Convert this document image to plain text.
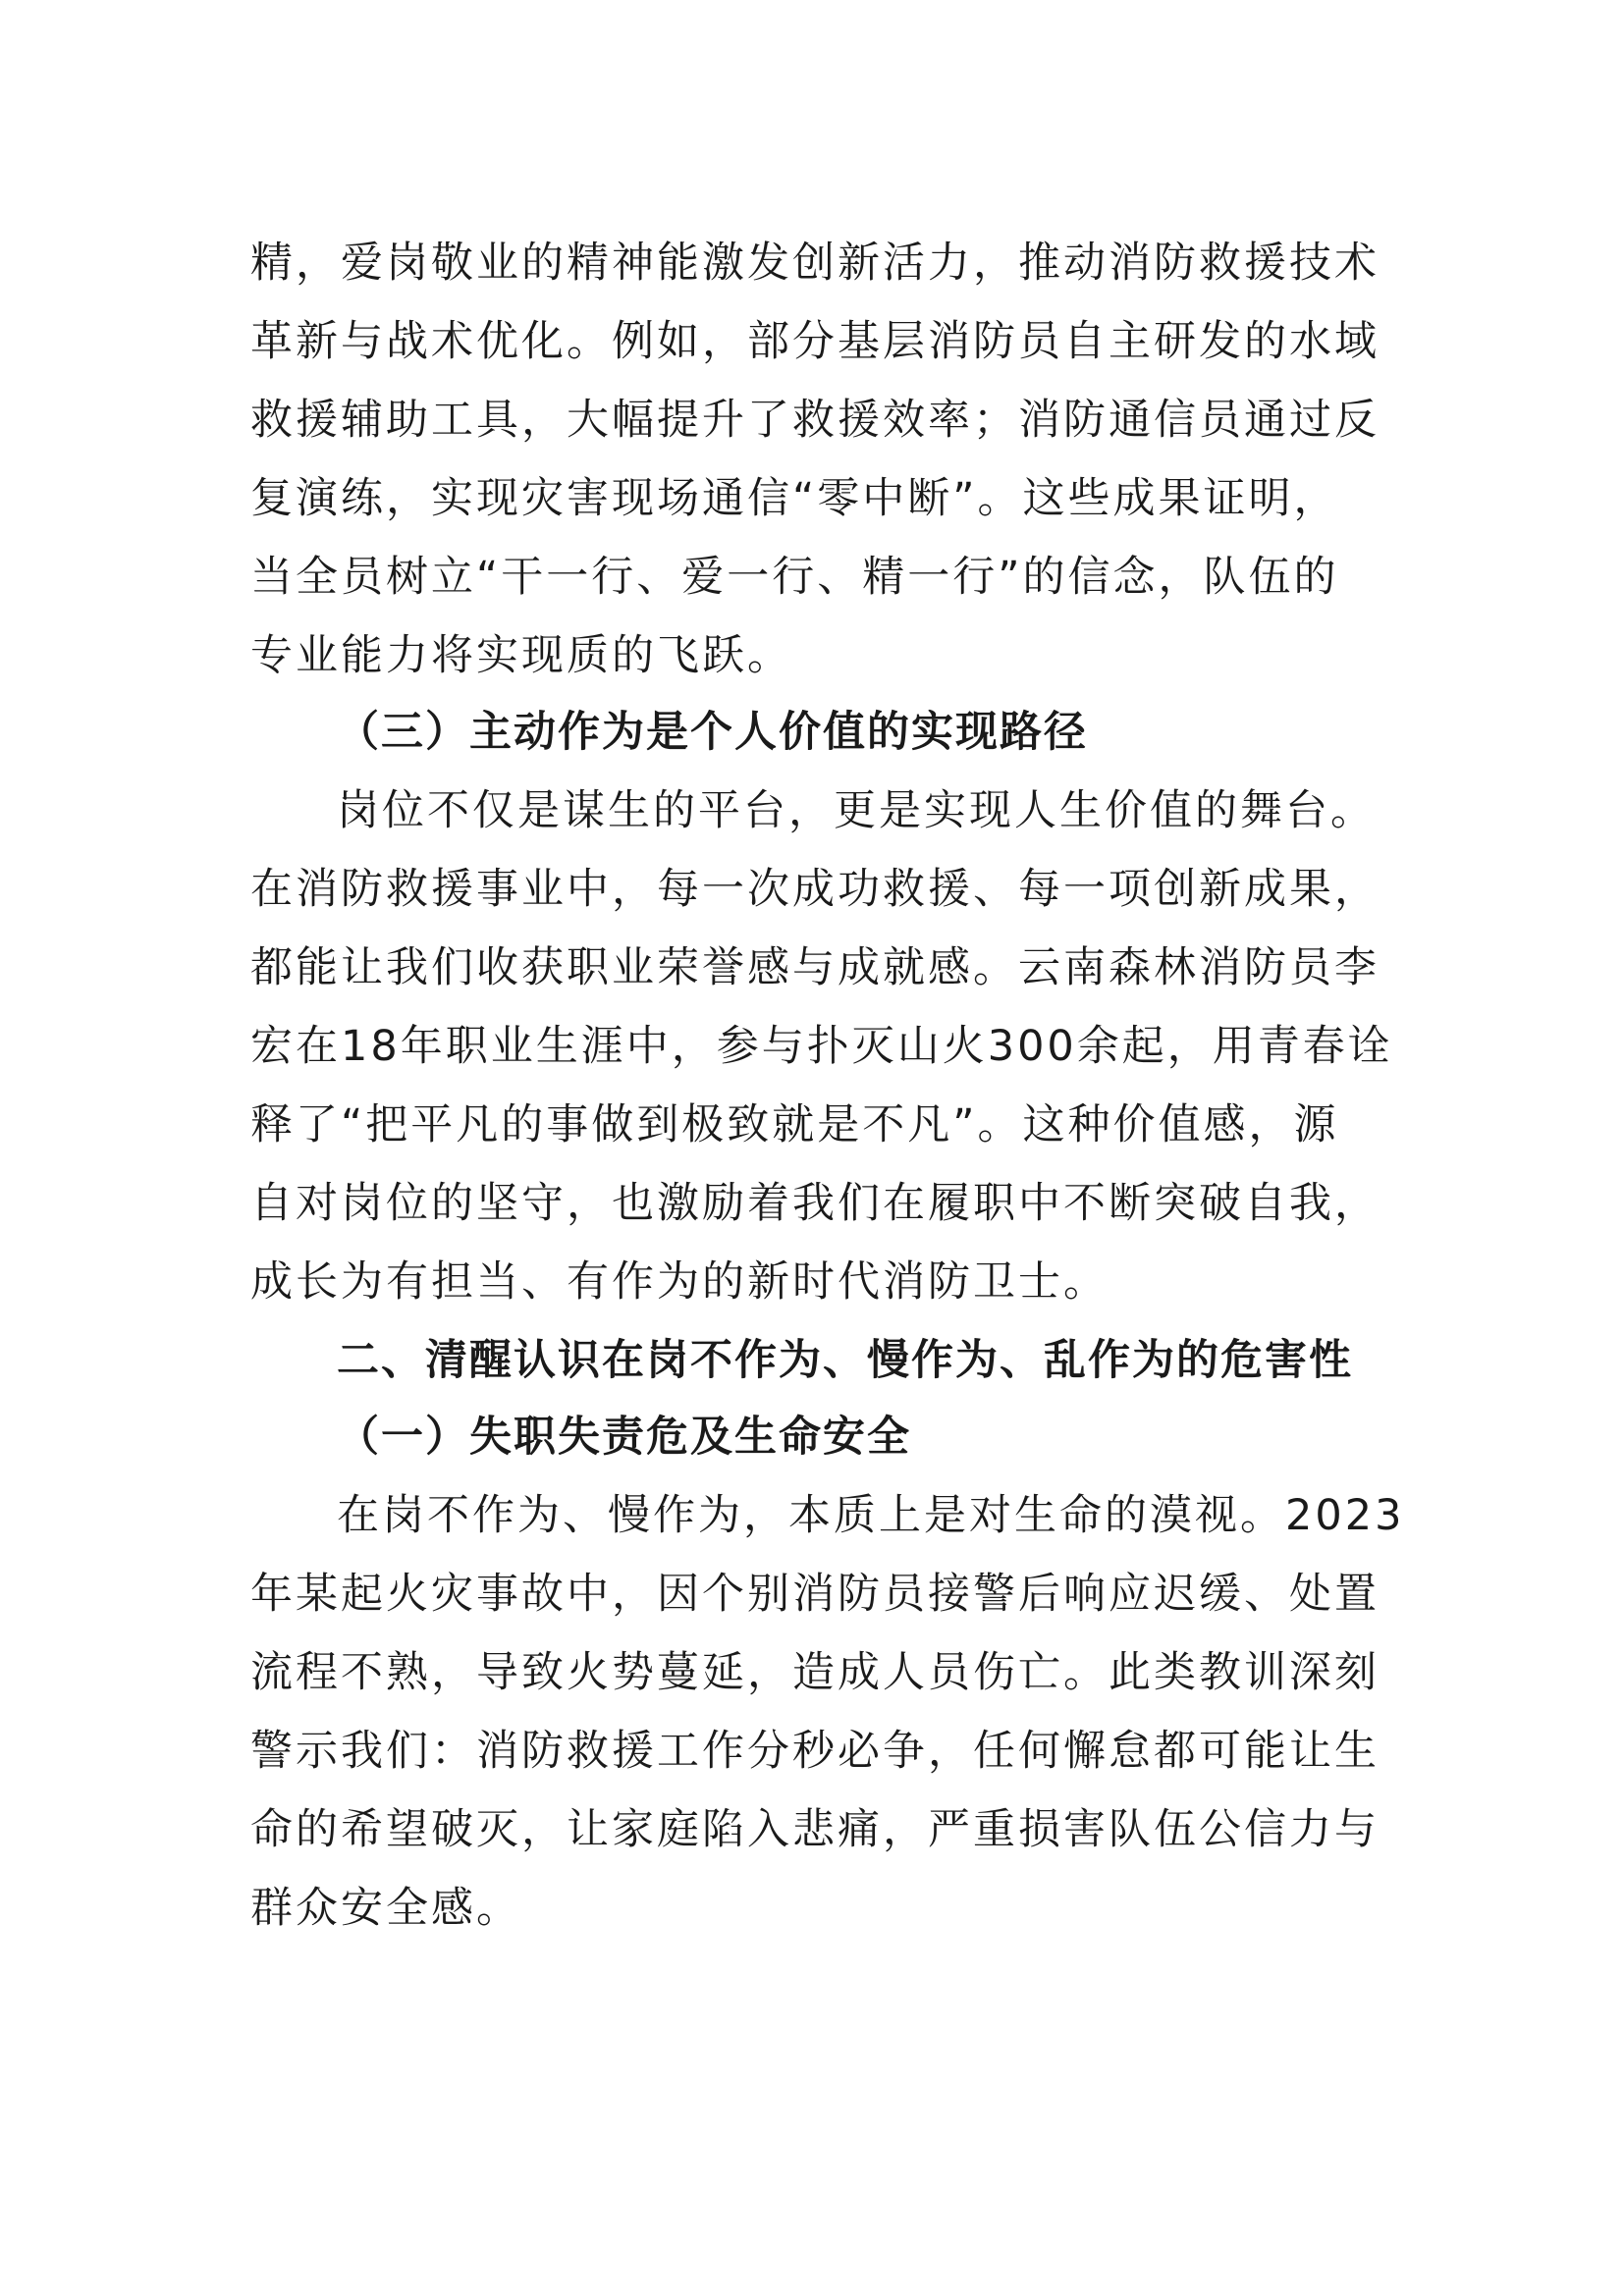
精，爱岗敬业的精神能激发创新活力，推动消防救援技术
革新与战术优化。例如，部分基层消防员自主研发的水域
救援辅助工具，大幅提升了救援效率；消防通信员通过反
复演练，实现灾害现场通信“零中断”。这些成果证明，
当全员树立“干一行、爱一行、精一行”的信念，队伍的
专业能力将实现质的飞跃。
（三）主动作为是个人价值的实现路径
岗位不仅是谋生的平台，更是实现人生价值的舞台。
在消防救援事业中，每一次成功救援、每一项创新成果，
都能让我们收获职业荣誉感与成就感。云南森林消防员李
宏在18年职业生涯中，参与扑灭山火300余起，用青春诠
释了“把平凡的事做到极致就是不凡”。这种价值感，源
自对岗位的坚守，也激励着我们在履职中不断突破自我，
成长为有担当、有作为的新时代消防卫士。
二、清醒认识在岗不作为、慢作为、乱作为的危害性
（一）失职失责危及生命安全
在岗不作为、慢作为，本质上是对生命的漠视。2023
年某起火灾事故中，因个别消防员接警后响应迟缓、处置
流程不熟，导致火势蔓延，造成人员伤亡。此类教训深刻
警示我们：消防救援工作分秒必争，任何懈怠都可能让生
命的希望破灭，让家庭陷入悲痛，严重损害队伍公信力与
群众安全感。
